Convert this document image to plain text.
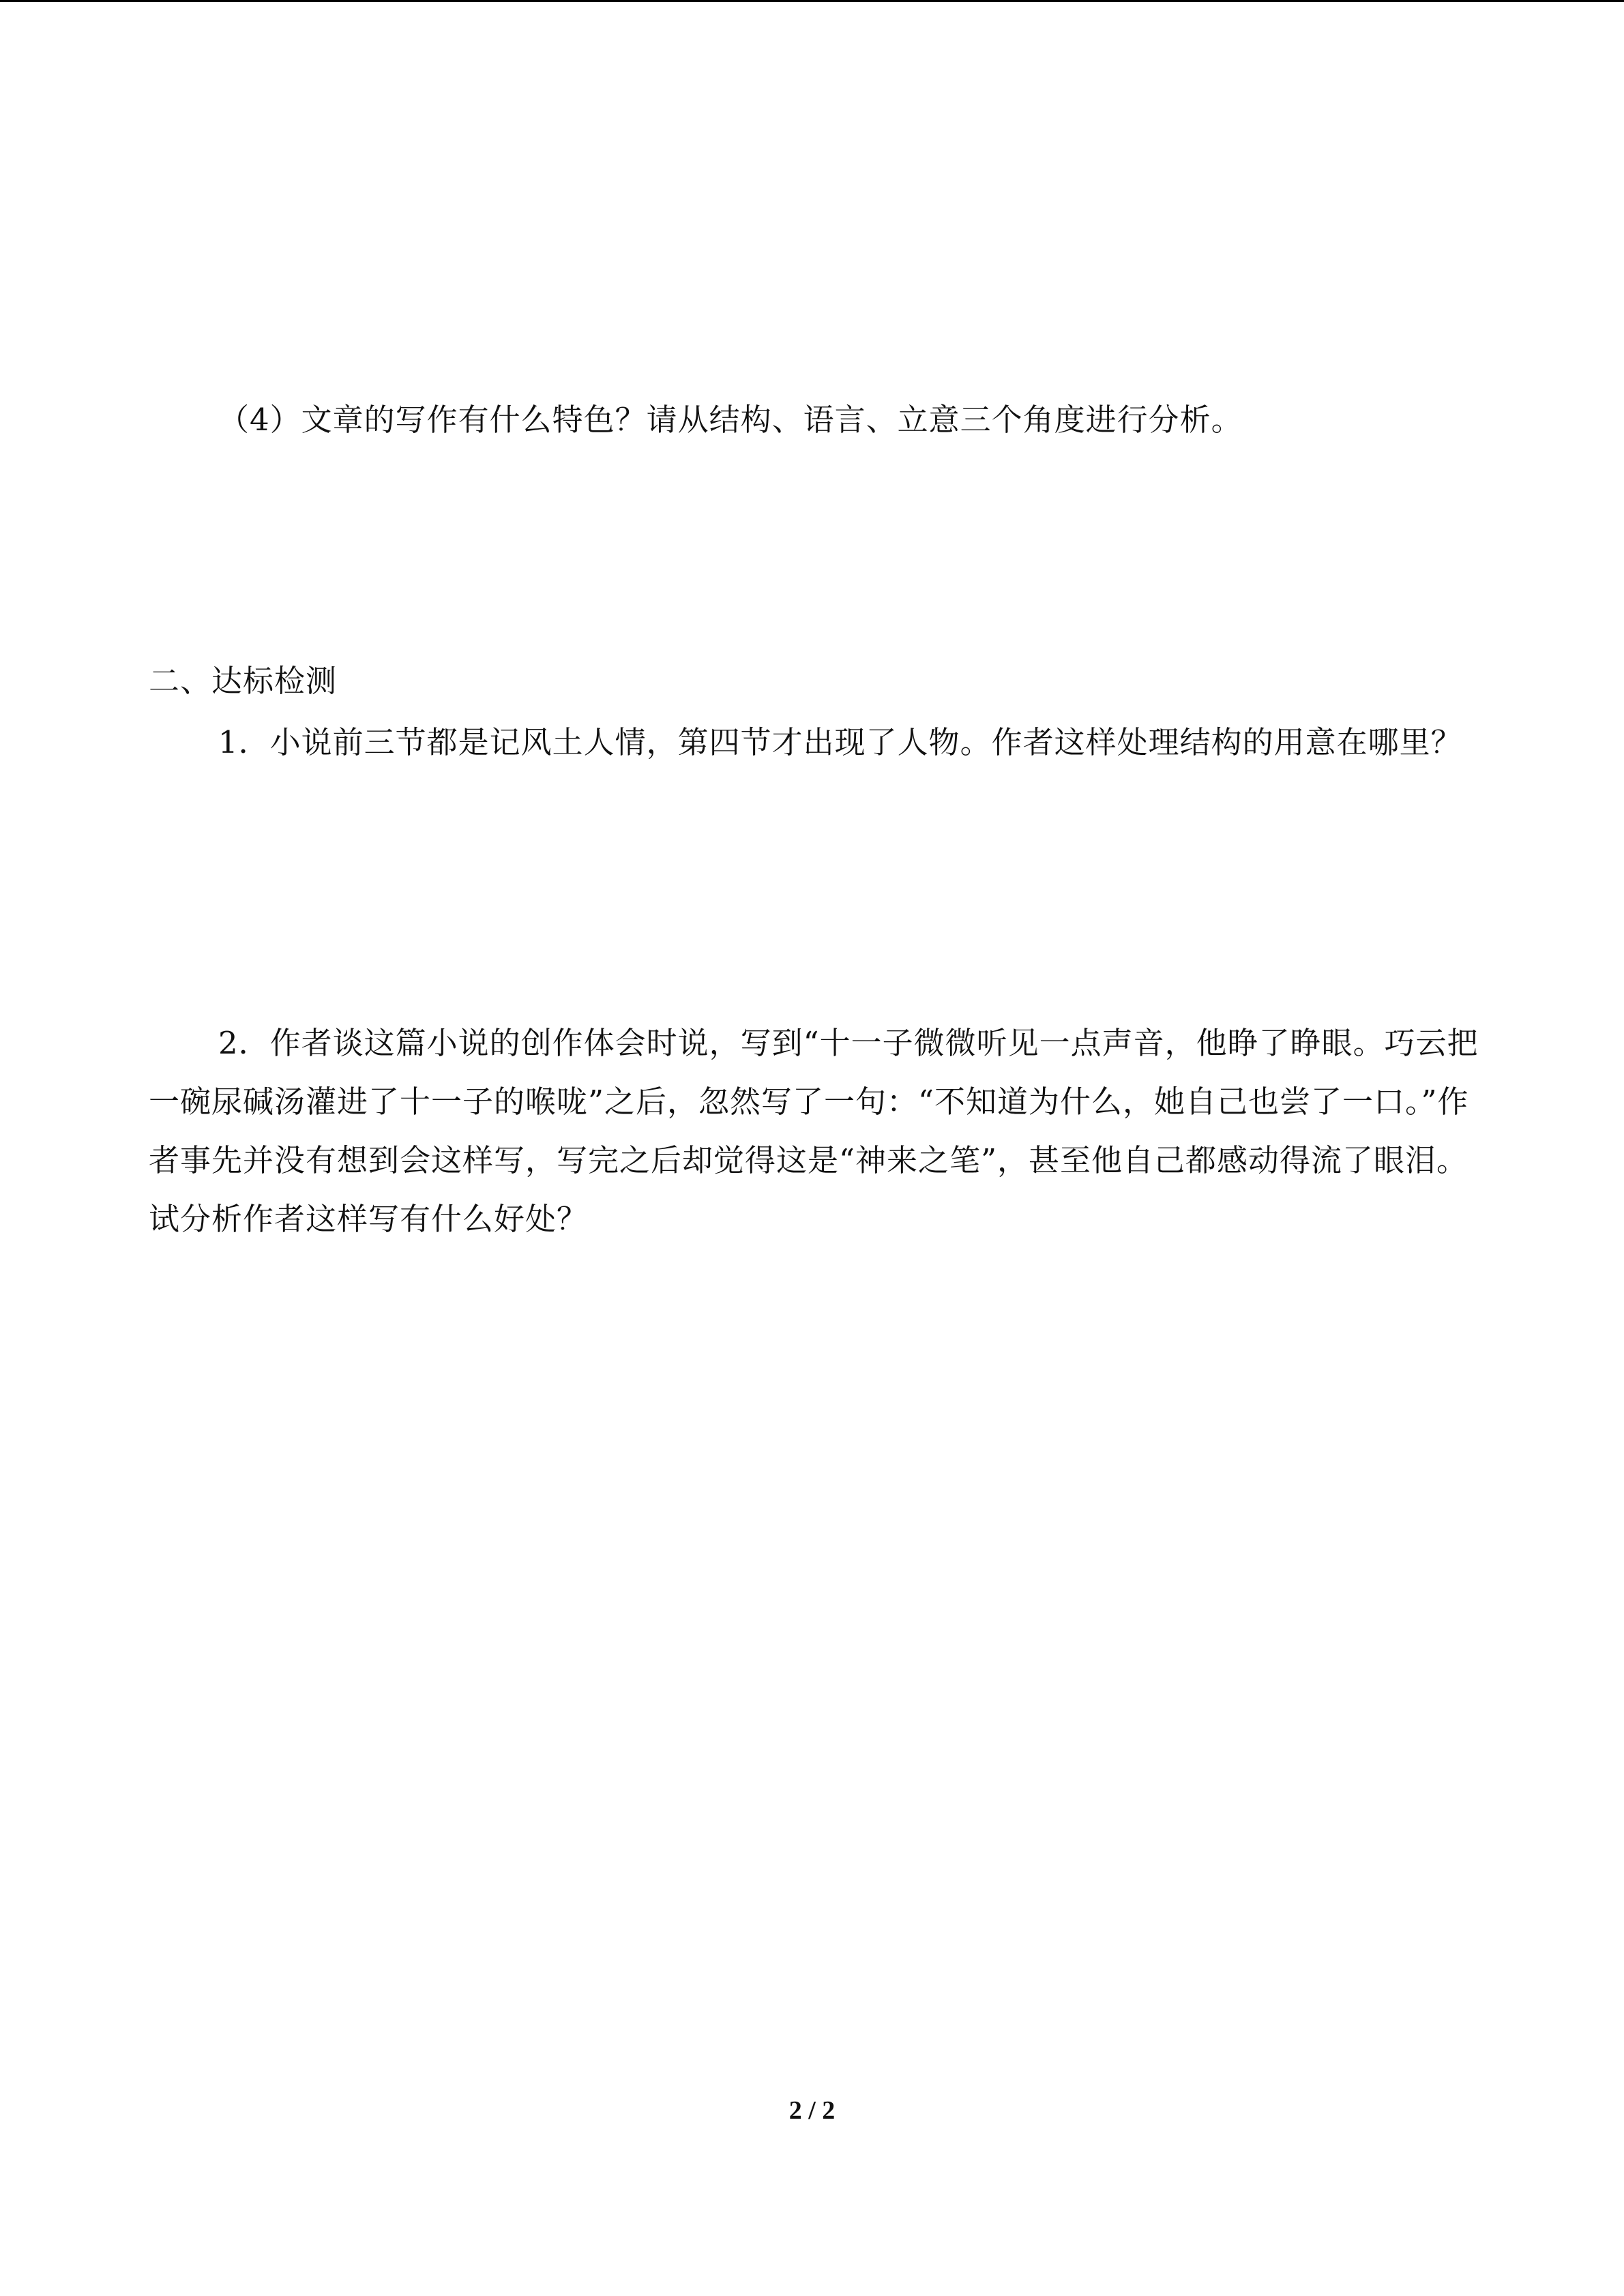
（4）文章的写作有什么特色？请从结构、语言、立意三个角度进行分析。

二、达标检测

1．小说前三节都是记风土人情，第四节才出现了人物。作者这样处理结构的用意在哪里？

2．作者谈这篇小说的创作体会时说，写到“十一子微微听见一点声音，他睁了睁眼。巧云把一碗尿碱汤灌进了十一子的喉咙”之后，忽然写了一句：“不知道为什么，她自己也尝了一口。”作者事先并没有想到会这样写，写完之后却觉得这是“神来之笔”，甚至他自己都感动得流了眼泪。试分析作者这样写有什么好处？

2 / 2
